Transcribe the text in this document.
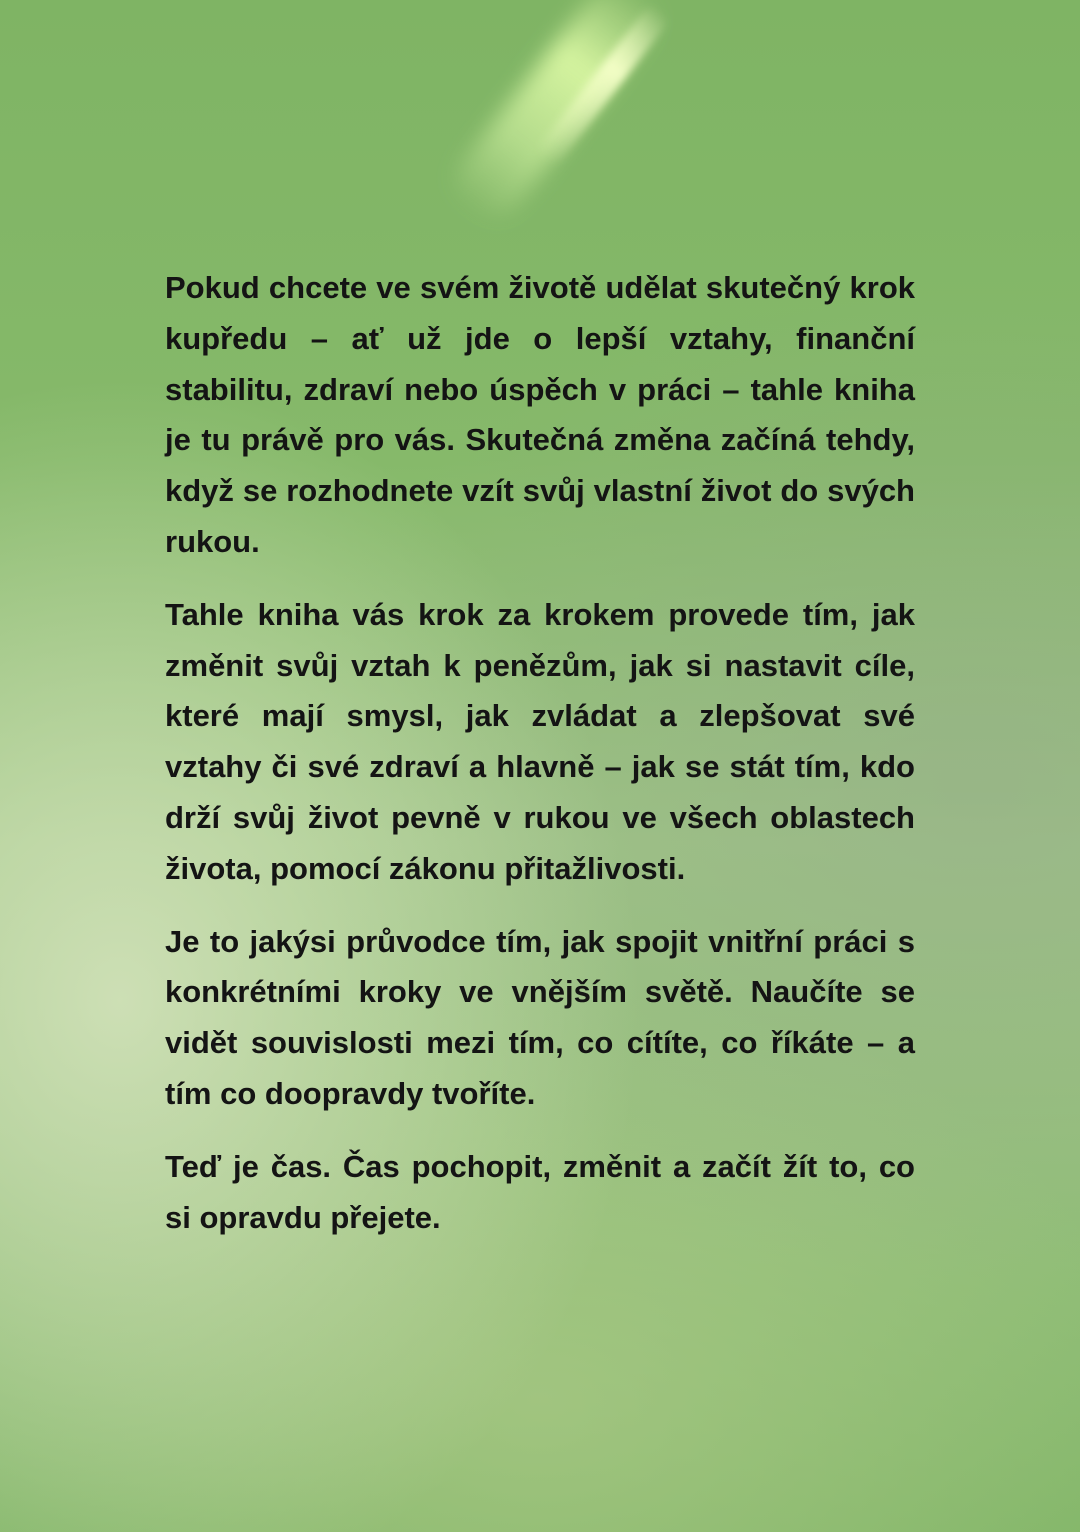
Pokud chcete ve svém životě udělat skutečný krok kupředu – ať už jde o lepší vztahy, finanční stabilitu, zdraví nebo úspěch v práci – tahle kniha je tu právě pro vás. Skutečná změna začíná tehdy, když se rozhodnete vzít svůj vlastní život do svých rukou.

Tahle kniha vás krok za krokem provede tím, jak změnit svůj vztah k penězům, jak si nastavit cíle, které mají smysl, jak zvládat a zlepšovat své vztahy či své zdraví a hlavně – jak se stát tím, kdo drží svůj život pevně v rukou ve všech oblastech života, pomocí zákonu přitažlivosti.

Je to jakýsi průvodce tím, jak spojit vnitřní práci s konkrétními kroky ve vnějším světě. Naučíte se vidět souvislosti mezi tím, co cítíte, co říkáte – a tím co doopravdy tvoříte.

Teď je čas. Čas pochopit, změnit a začít žít to, co si opravdu přejete.
